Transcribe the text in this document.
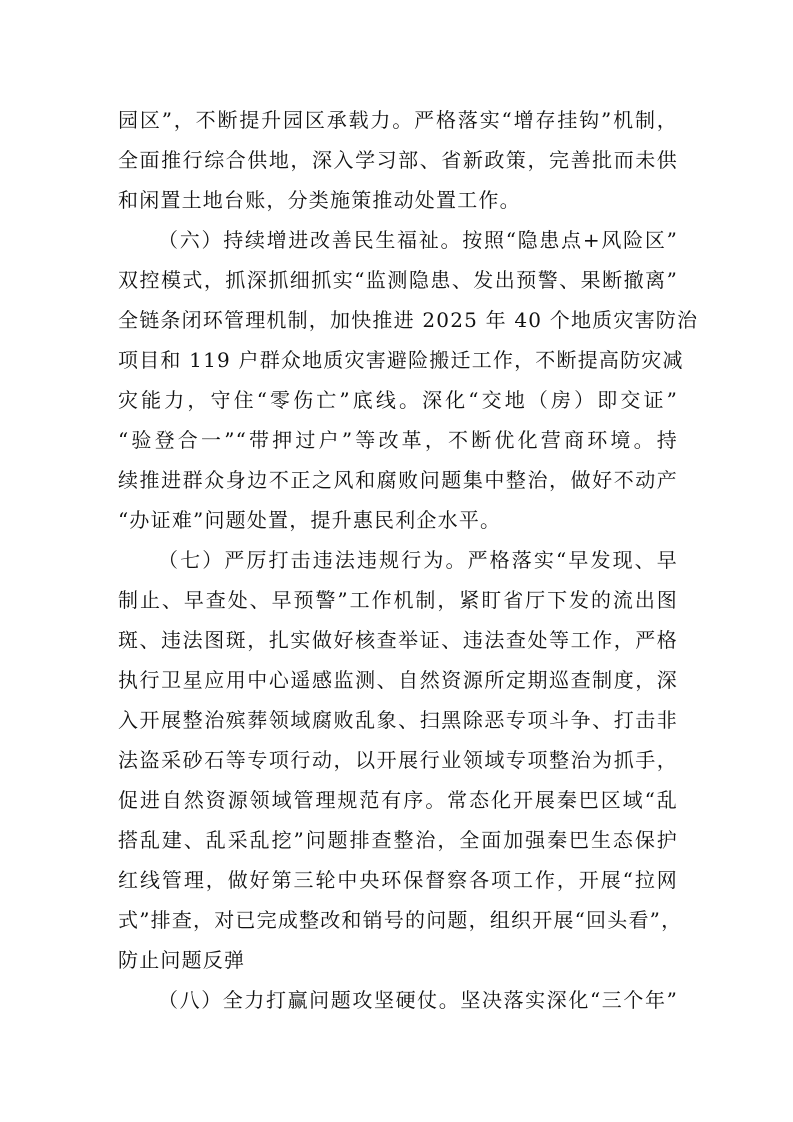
园区”，不断提升园区承载力。严格落实“增存挂钩”机制，
全面推行综合供地，深入学习部、省新政策，完善批而未供
和闲置土地台账，分类施策推动处置工作。
（六）持续增进改善民生福祉。按照“隐患点+风险区”
双控模式，抓深抓细抓实“监测隐患、发出预警、果断撤离”
全链条闭环管理机制，加快推进 2025 年 40 个地质灾害防治
项目和 119 户群众地质灾害避险搬迁工作，不断提高防灾减
灾能力，守住“零伤亡”底线。深化“交地（房）即交证”
“验登合一”“带押过户”等改革，不断优化营商环境。持
续推进群众身边不正之风和腐败问题集中整治，做好不动产
“办证难”问题处置，提升惠民利企水平。
（七）严厉打击违法违规行为。严格落实“早发现、早
制止、早查处、早预警”工作机制，紧盯省厅下发的流出图
斑、违法图斑，扎实做好核查举证、违法查处等工作，严格
执行卫星应用中心遥感监测、自然资源所定期巡查制度，深
入开展整治殡葬领域腐败乱象、扫黑除恶专项斗争、打击非
法盗采砂石等专项行动，以开展行业领域专项整治为抓手，
促进自然资源领域管理规范有序。常态化开展秦巴区域“乱
搭乱建、乱采乱挖”问题排查整治，全面加强秦巴生态保护
红线管理，做好第三轮中央环保督察各项工作，开展“拉网
式”排查，对已完成整改和销号的问题，组织开展“回头看”，
防止问题反弹
（八）全力打赢问题攻坚硬仗。坚决落实深化“三个年”
